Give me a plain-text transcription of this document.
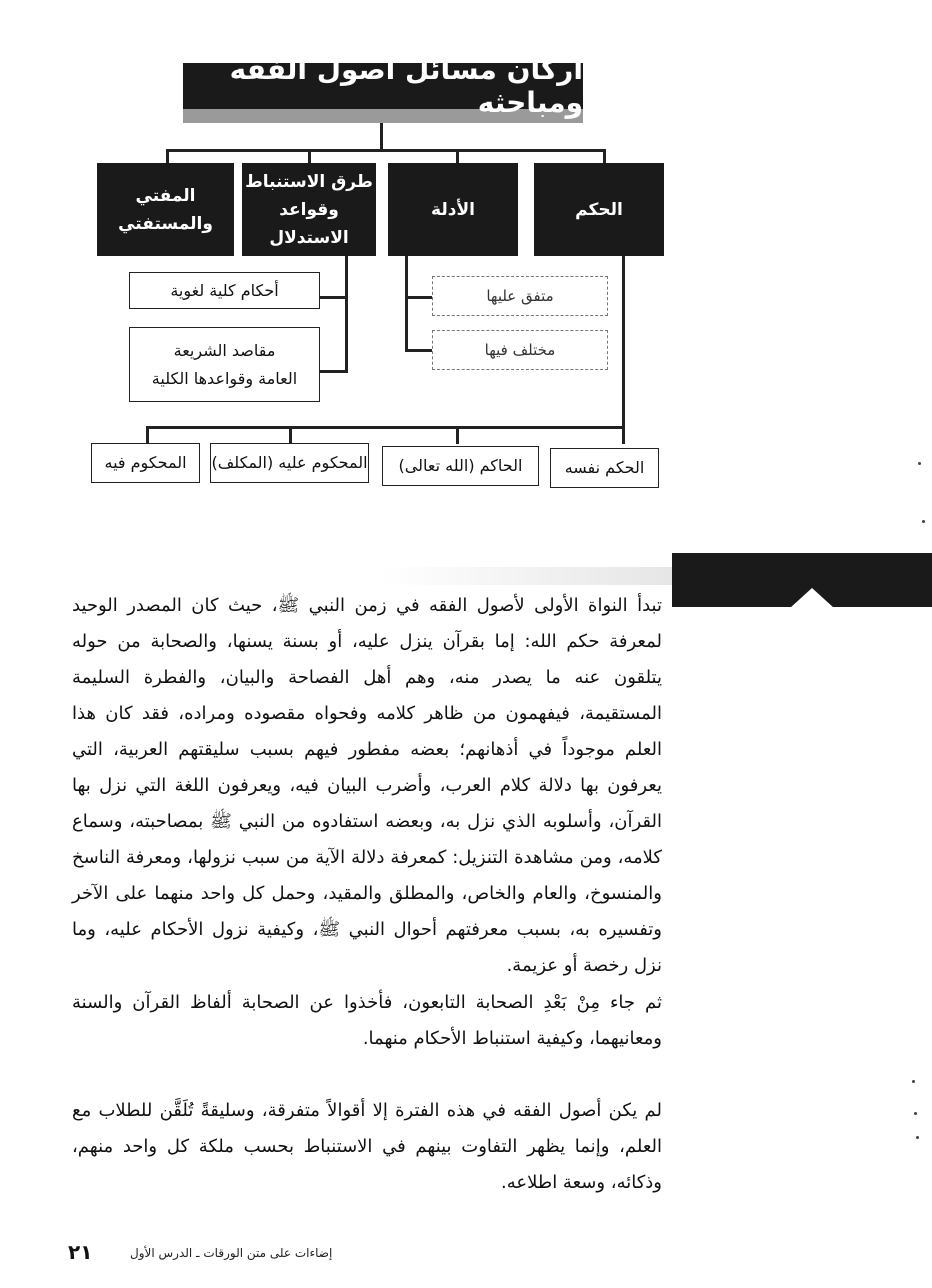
أركان مسائل أصول الفقه ومباحثه
المفتي
والمستفتي
طرق الاستنباط
وقواعد الاستدلال
الأدلة	الحكم
أحكام كلية لغوية
مقاصد الشريعة
العامة وقواعدها الكلية
متفق عليها
مختلف فيها
المحكوم فيه المحكوم عليه (المكلف) الحاكم (الله تعالى)	الحكم نفسه
تبدأ النواة الأولى لأصول الفقه في زمن النبي ﷺ، حيث كان المصدر الوحيد لمعرفة حكم الله: إما بقرآن ينزل عليه، أو بسنة يسنها، والصحابة من حوله يتلقون عنه ما يصدر منه، وهم أهل الفصاحة والبيان، والفطرة السليمة المستقيمة، فيفهمون من ظاهر كلامه وفحواه مقصوده ومراده، فقد كان هذا العلم موجوداً في أذهانهم؛ بعضه مفطور فيهم بسبب سليقتهم العربية، التي يعرفون بها دلالة كلام العرب، وأضرب البيان فيه، ويعرفون اللغة التي نزل بها القرآن، وأسلوبه الذي نزل به، وبعضه استفادوه من النبي ﷺ بمصاحبته، وسماع كلامه، ومن مشاهدة التنزيل: كمعرفة دلالة الآية من سبب نزولها، ومعرفة الناسخ والمنسوخ، والعام والخاص، والمطلق والمقيد، وحمل كل واحد منهما على الآخر وتفسيره به، بسبب معرفتهم أحوال النبي ﷺ، وكيفية نزول الأحكام عليه، وما نزل رخصة أو عزيمة.
ثم جاء مِنْ بَعْدِ الصحابة التابعون، فأخذوا عن الصحابة ألفاظ القرآن والسنة ومعانيهما، وكيفية استنباط الأحكام منهما.
لم يكن أصول الفقه في هذه الفترة إلا أقوالاً متفرقة، وسليقةً تُلَقَّن للطلاب مع العلم، وإنما يظهر التفاوت بينهم في الاستنباط بحسب ملكة كل واحد منهم، وذكائه، وسعة اطلاعه.
٢١	إضاءات على متن الورقات ـ الدرس الأول
